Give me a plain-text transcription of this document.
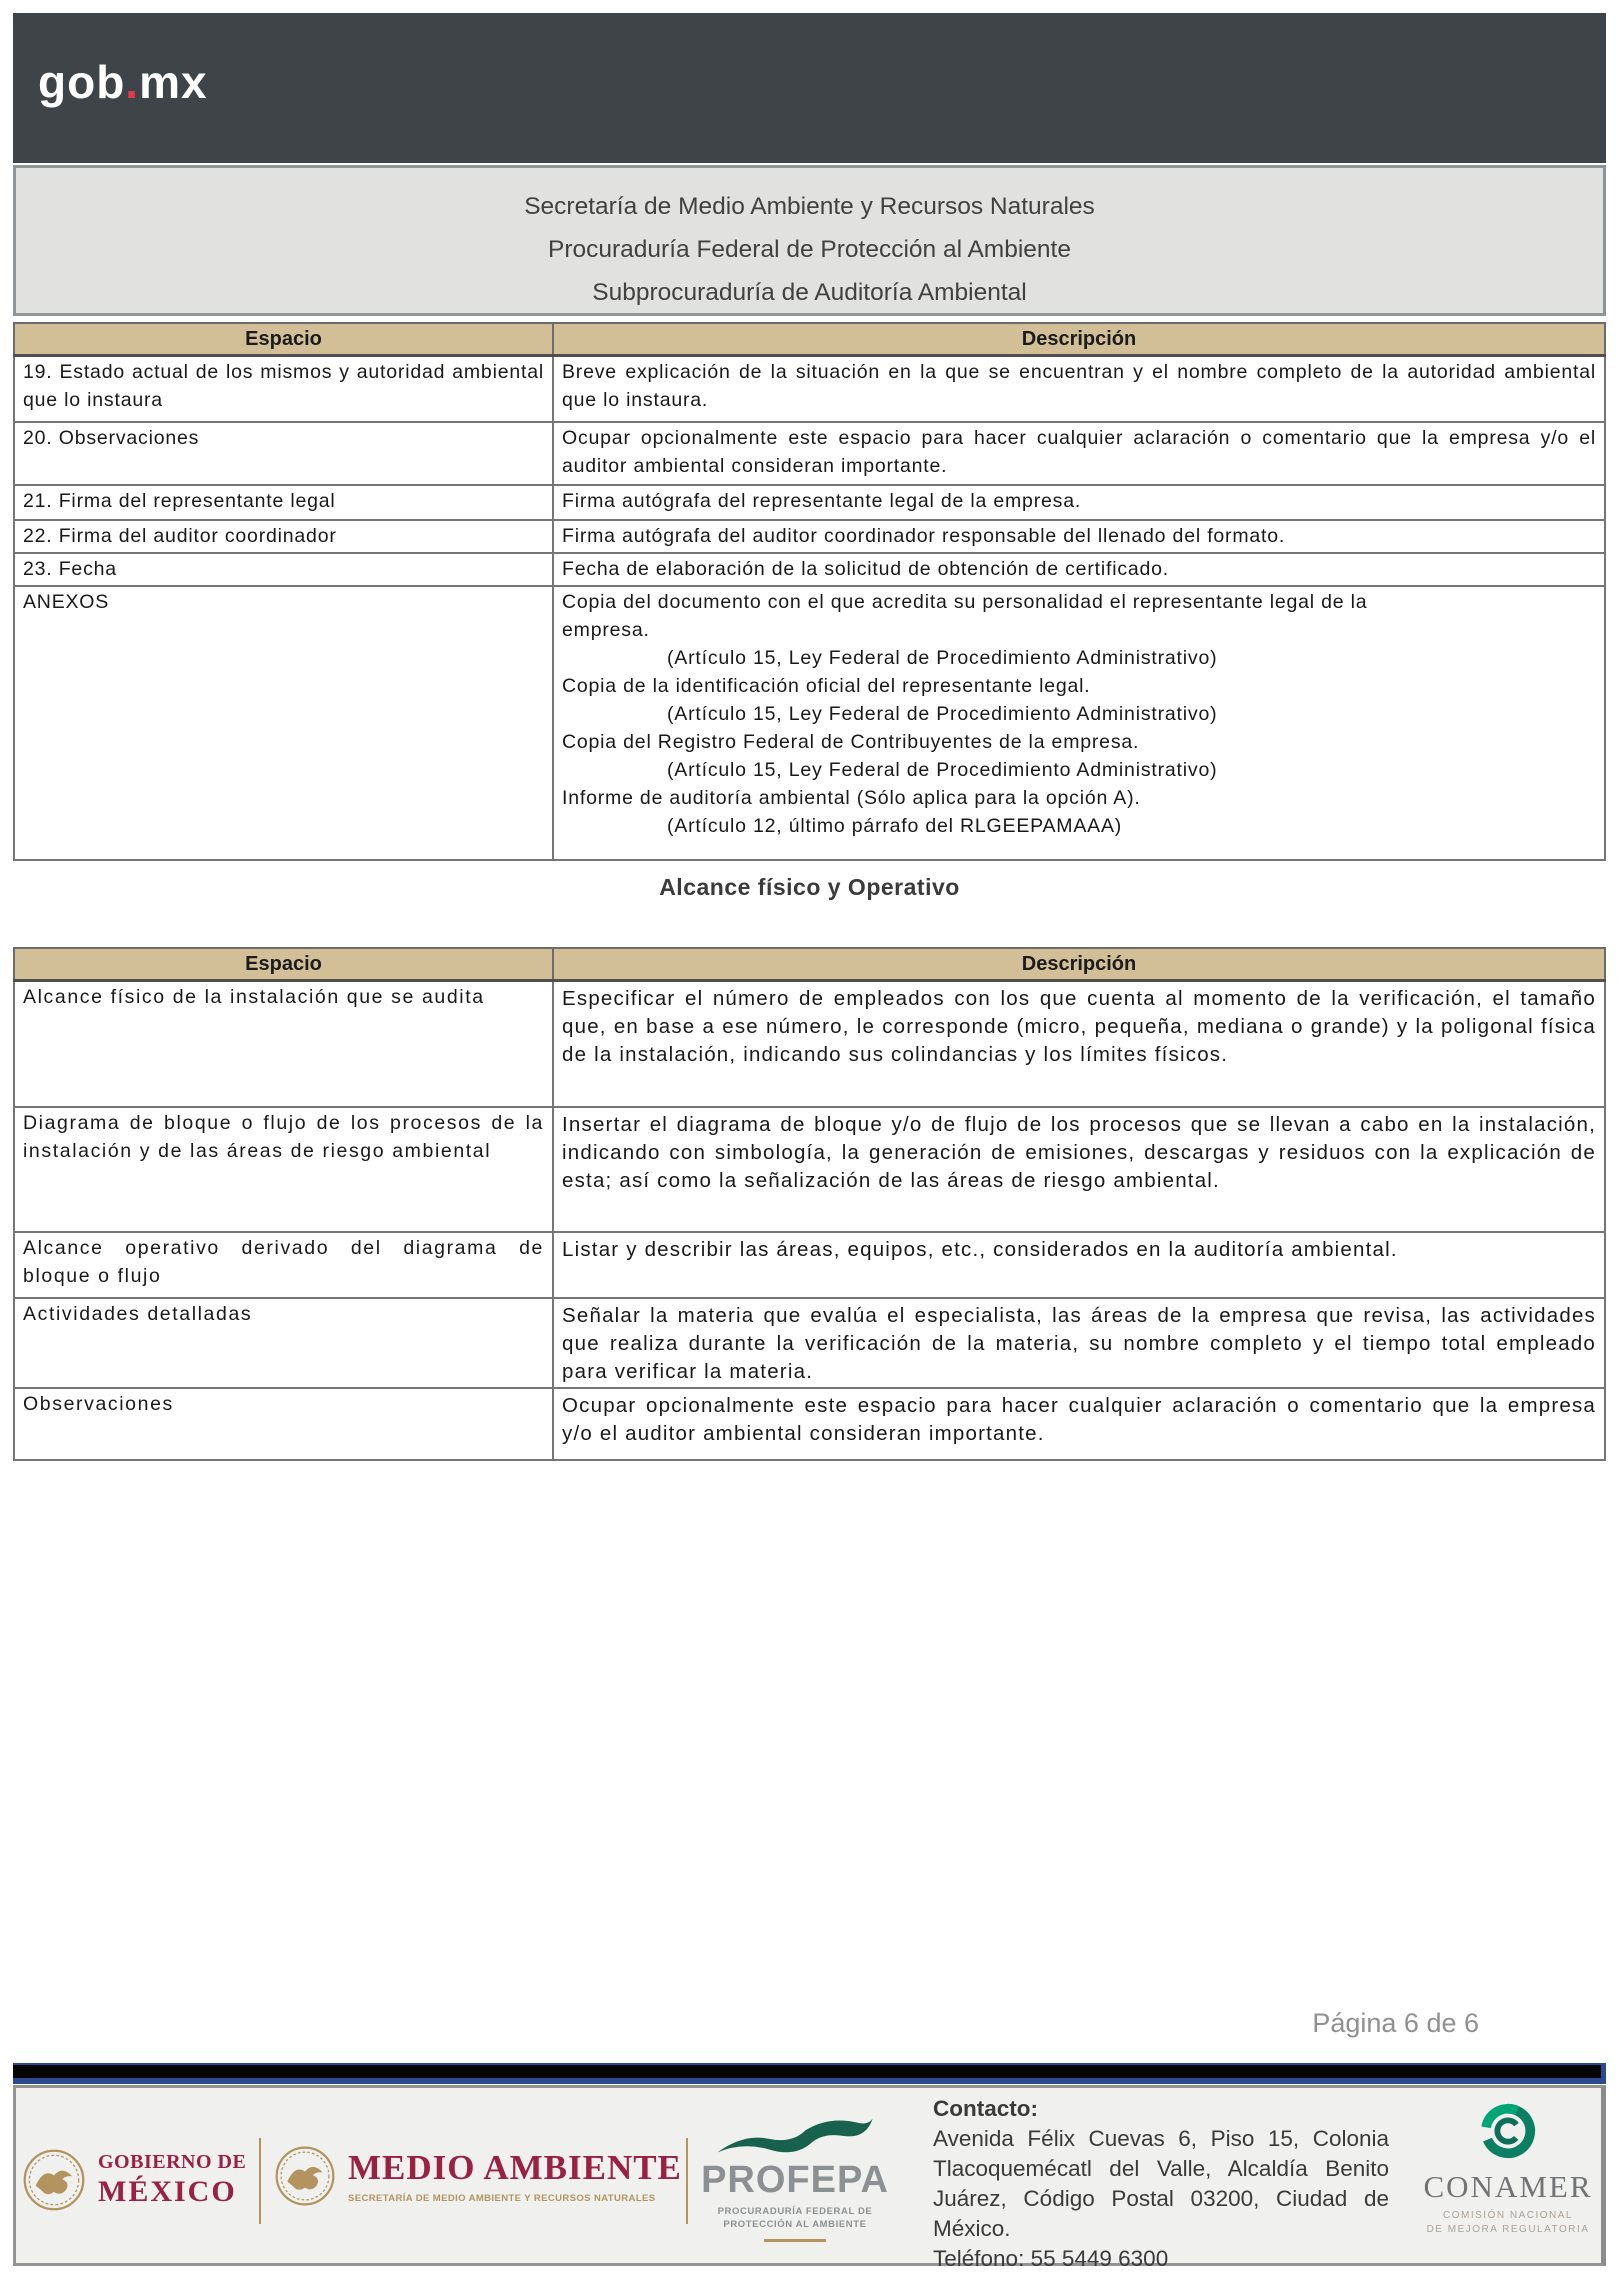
gob.mx
Secretaría de Medio Ambiente y Recursos Naturales
Procuraduría Federal de Protección al Ambiente
Subprocuraduría de Auditoría Ambiental
Espacio	Descripción
19. Estado actual de los mismos y autoridad ambiental que lo instaura	Breve explicación de la situación en la que se encuentran y el nombre completo de la autoridad ambiental que lo instaura.
20. Observaciones	Ocupar opcionalmente este espacio para hacer cualquier aclaración o comentario que la empresa y/o el auditor ambiental consideran importante.
21. Firma del representante legal	Firma autógrafa del representante legal de la empresa.
22. Firma del auditor coordinador	Firma autógrafa del auditor coordinador responsable del llenado del formato.
23. Fecha	Fecha de elaboración de la solicitud de obtención de certificado.
ANEXOS	Copia del documento con el que acredita su personalidad el representante legal de la
empresa.
(Artículo 15, Ley Federal de Procedimiento Administrativo)
Copia de la identificación oficial del representante legal.
(Artículo 15, Ley Federal de Procedimiento Administrativo)
Copia del Registro Federal de Contribuyentes de la empresa.
(Artículo 15, Ley Federal de Procedimiento Administrativo)
Informe de auditoría ambiental (Sólo aplica para la opción A).
(Artículo 12, último párrafo del RLGEEPAMAAA)
Alcance físico y Operativo
Espacio	Descripción
Alcance físico de la instalación que se audita	Especificar el número de empleados con los que cuenta al momento de la verificación, el tamaño que, en base a ese número, le corresponde (micro, pequeña, mediana o grande) y la poligonal física de la instalación, indicando sus colindancias y los límites físicos.
Diagrama de bloque o flujo de los procesos de la instalación y de las áreas de riesgo ambiental	Insertar el diagrama de bloque y/o de flujo de los procesos que se llevan a cabo en la instalación, indicando con simbología, la generación de emisiones, descargas y residuos con la explicación de esta; así como la señalización de las áreas de riesgo ambiental.
Alcance operativo derivado del diagrama de bloque o flujo	Listar y describir las áreas, equipos, etc., considerados en la auditoría ambiental.
Actividades detalladas	Señalar la materia que evalúa el especialista, las áreas de la empresa que revisa, las actividades que realiza durante la verificación de la materia, su nombre completo y el tiempo total empleado para verificar la materia.
Observaciones	Ocupar opcionalmente este espacio para hacer cualquier aclaración o comentario que la empresa y/o el auditor ambiental consideran importante.
Página 6 de 6
GOBIERNO DE
MÉXICO
MEDIO AMBIENTE
SECRETARÍA DE MEDIO AMBIENTE Y RECURSOS NATURALES	PROFEPA
PROCURADURÍA FEDERAL DE
PROTECCIÓN AL AMBIENTE
Contacto:
Avenida Félix Cuevas 6, Piso 15, Colonia
Tlacoquemécatl del Valle, Alcaldía Benito
Juárez, Código Postal 03200, Ciudad de
México.
Teléfono: 55 5449 6300
CONAMER
COMISIÓN NACIONAL
DE MEJORA REGULATORIA
